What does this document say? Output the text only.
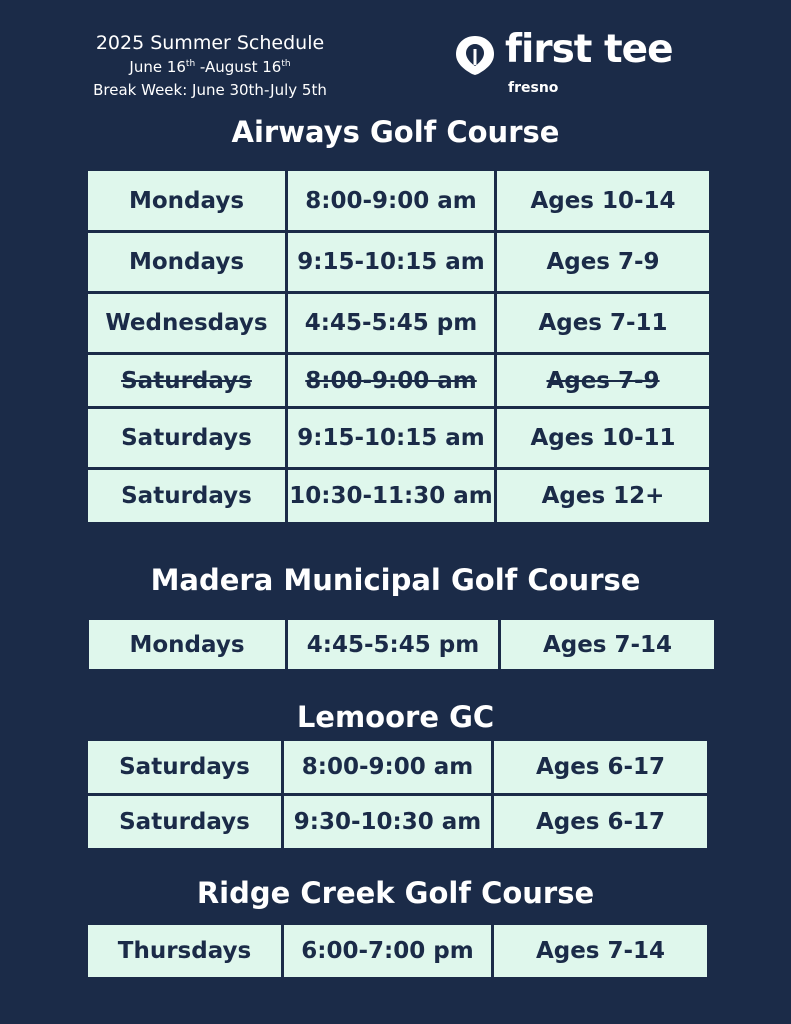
2025 Summer Schedule
June 16th -August 16th
Break Week: June 30th-July 5th
first tee
fresno
Airways Golf Course
Mondays	8:00-9:00 am	Ages 10-14
Mondays	9:15-10:15 am	Ages 7-9
Wednesdays	4:45-5:45 pm	Ages 7-11
Saturdays	8:00-9:00 am	Ages 7-9
Saturdays	9:15-10:15 am	Ages 10-11
Saturdays	10:30-11:30 am	Ages 12+
Madera Municipal Golf Course
Mondays	4:45-5:45 pm	Ages 7-14
Lemoore GC
Saturdays	8:00-9:00 am	Ages 6-17
Saturdays	9:30-10:30 am	Ages 6-17
Ridge Creek Golf Course
Thursdays	6:00-7:00 pm	Ages 7-14
